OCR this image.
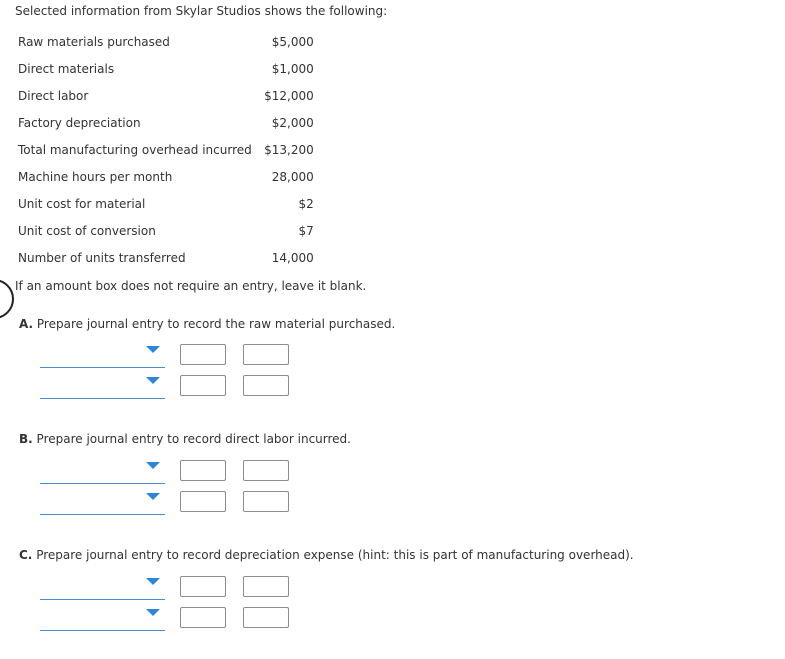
Selected information from Skylar Studios shows the following:

Raw materials purchased	$5,000
Direct materials	$1,000
Direct labor	$12,000
Factory depreciation	$2,000
Total manufacturing overhead incurred	$13,200
Machine hours per month	28,000
Unit cost for material	$2
Unit cost of conversion	$7
Number of units transferred	14,000

If an amount box does not require an entry, leave it blank.

A. Prepare journal entry to record the raw material purchased.

B. Prepare journal entry to record direct labor incurred.

C. Prepare journal entry to record depreciation expense (hint: this is part of manufacturing overhead).
